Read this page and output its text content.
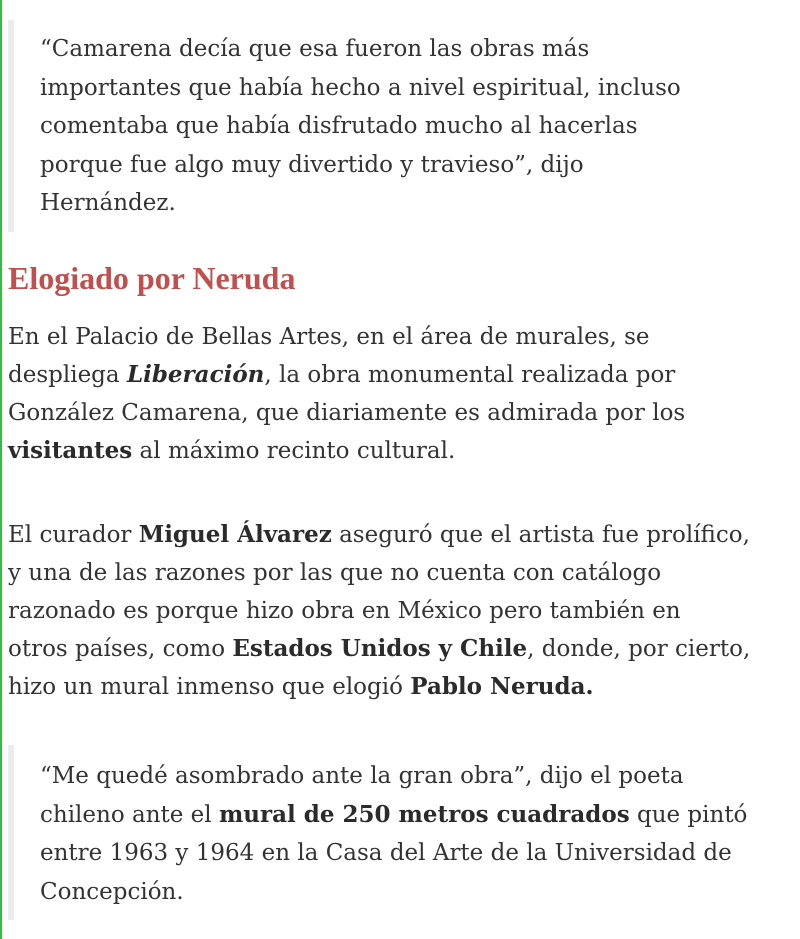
“Camarena decía que esa fueron las obras más
importantes que había hecho a nivel espiritual, incluso
comentaba que había disfrutado mucho al hacerlas
porque fue algo muy divertido y travieso”, dijo
Hernández.
Elogiado por Neruda

En el Palacio de Bellas Artes, en el área de murales, se
despliega Liberación, la obra monumental realizada por
González Camarena, que diariamente es admirada por los
visitantes al máximo recinto cultural.

El curador Miguel Álvarez aseguró que el artista fue prolífico,
y una de las razones por las que no cuenta con catálogo
razonado es porque hizo obra en México pero también en
otros países, como Estados Unidos y Chile, donde, por cierto,
hizo un mural inmenso que elogió Pablo Neruda.

“Me quedé asombrado ante la gran obra”, dijo el poeta
chileno ante el mural de 250 metros cuadrados que pintó
entre 1963 y 1964 en la Casa del Arte de la Universidad de
Concepción.
